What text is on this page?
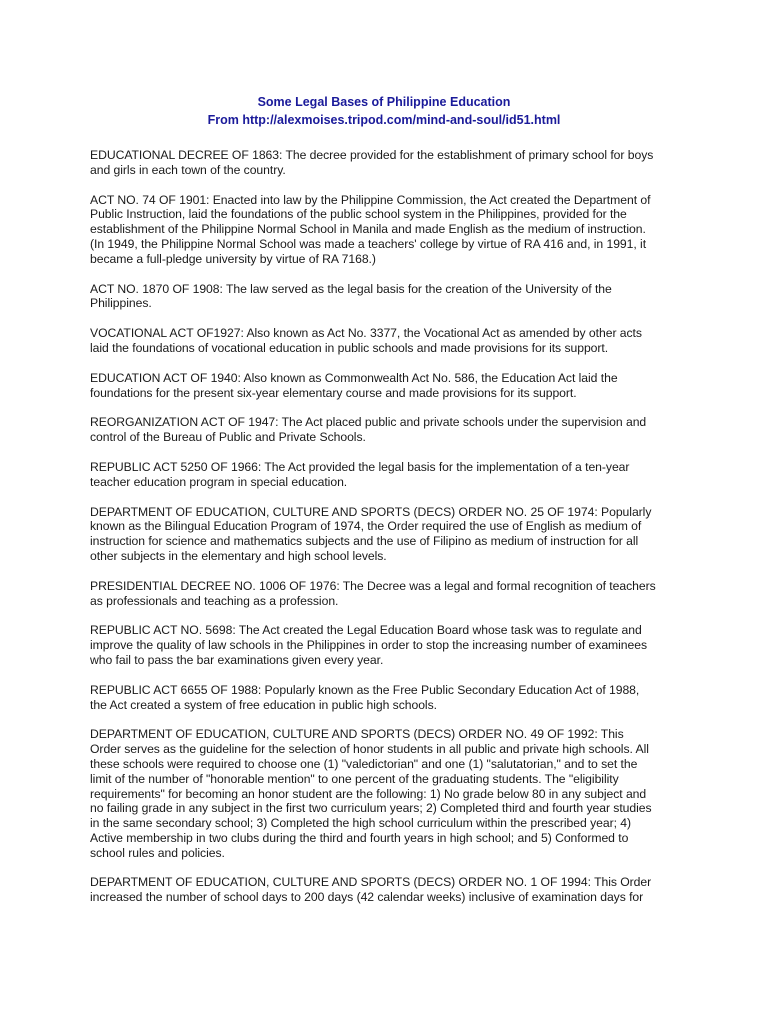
Some Legal Bases of Philippine Education
From http://alexmoises.tripod.com/mind-and-soul/id51.html

EDUCATIONAL DECREE OF 1863: The decree provided for the establishment of primary school for boys
and girls in each town of the country.

ACT NO. 74 OF 1901: Enacted into law by the Philippine Commission, the Act created the Department of
Public Instruction, laid the foundations of the public school system in the Philippines, provided for the
establishment of the Philippine Normal School in Manila and made English as the medium of instruction.
(In 1949, the Philippine Normal School was made a teachers' college by virtue of RA 416 and, in 1991, it
became a full-pledge university by virtue of RA 7168.)

ACT NO. 1870 OF 1908: The law served as the legal basis for the creation of the University of the
Philippines.

VOCATIONAL ACT OF1927: Also known as Act No. 3377, the Vocational Act as amended by other acts
laid the foundations of vocational education in public schools and made provisions for its support.

EDUCATION ACT OF 1940: Also known as Commonwealth Act No. 586, the Education Act laid the
foundations for the present six-year elementary course and made provisions for its support.

REORGANIZATION ACT OF 1947: The Act placed public and private schools under the supervision and
control of the Bureau of Public and Private Schools.

REPUBLIC ACT 5250 OF 1966: The Act provided the legal basis for the implementation of a ten-year
teacher education program in special education.

DEPARTMENT OF EDUCATION, CULTURE AND SPORTS (DECS) ORDER NO. 25 OF 1974: Popularly
known as the Bilingual Education Program of 1974, the Order required the use of English as medium of
instruction for science and mathematics subjects and the use of Filipino as medium of instruction for all
other subjects in the elementary and high school levels.

PRESIDENTIAL DECREE NO. 1006 OF 1976: The Decree was a legal and formal recognition of teachers
as professionals and teaching as a profession.

REPUBLIC ACT NO. 5698: The Act created the Legal Education Board whose task was to regulate and
improve the quality of law schools in the Philippines in order to stop the increasing number of examinees
who fail to pass the bar examinations given every year.

REPUBLIC ACT 6655 OF 1988: Popularly known as the Free Public Secondary Education Act of 1988,
the Act created a system of free education in public high schools.

DEPARTMENT OF EDUCATION, CULTURE AND SPORTS (DECS) ORDER NO. 49 OF 1992: This
Order serves as the guideline for the selection of honor students in all public and private high schools. All
these schools were required to choose one (1) "valedictorian" and one (1) "salutatorian," and to set the
limit of the number of "honorable mention" to one percent of the graduating students. The "eligibility
requirements" for becoming an honor student are the following: 1) No grade below 80 in any subject and
no failing grade in any subject in the first two curriculum years; 2) Completed third and fourth year studies
in the same secondary school; 3) Completed the high school curriculum within the prescribed year; 4)
Active membership in two clubs during the third and fourth years in high school; and 5) Conformed to
school rules and policies.

DEPARTMENT OF EDUCATION, CULTURE AND SPORTS (DECS) ORDER NO. 1 OF 1994: This Order
increased the number of school days to 200 days (42 calendar weeks) inclusive of examination days for
